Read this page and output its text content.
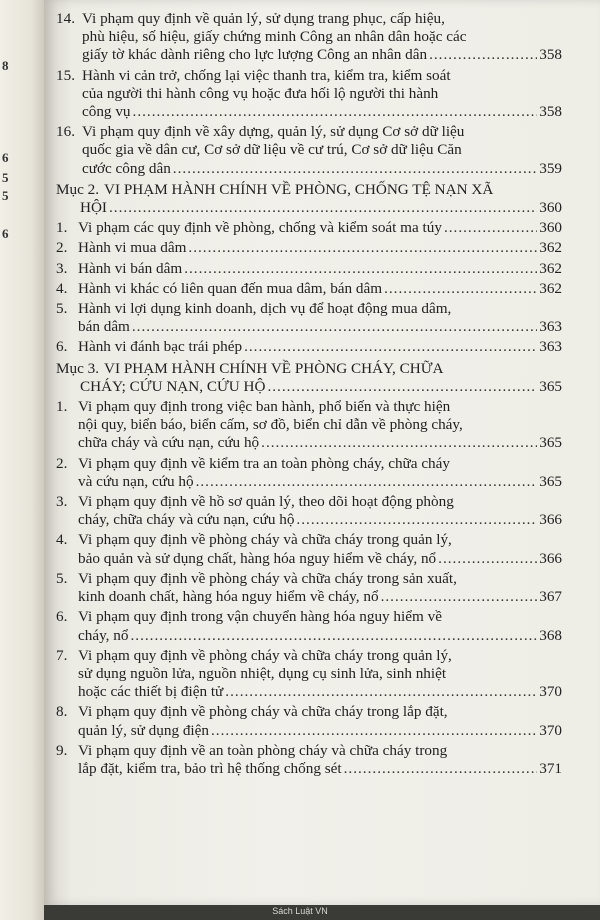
8
6
5
5
6
14. Vi phạm quy định về quản lý, sử dụng trang phục, cấp hiệu,
phù hiệu, số hiệu, giấy chứng minh Công an nhân dân hoặc các
giấy tờ khác dành riêng cho lực lượng Công an nhân dân .....	358
15. Hành vi cản trở, chống lại việc thanh tra, kiểm tra, kiểm soát
của người thi hành công vụ hoặc đưa hối lộ người thi hành
công vụ .....	358
16. Vi phạm quy định về xây dựng, quản lý, sử dụng Cơ sở dữ liệu
quốc gia về dân cư, Cơ sở dữ liệu về cư trú, Cơ sở dữ liệu Căn
cước công dân .....	359
Mục 2. VI PHẠM HÀNH CHÍNH VỀ PHÒNG, CHỐNG TỆ NẠN XÃ
HỘI .....	360
1. Vi phạm các quy định về phòng, chống và kiểm soát ma túy .....	360
2. Hành vi mua dâm .....	362
3. Hành vi bán dâm .....	362
4. Hành vi khác có liên quan đến mua dâm, bán dâm .....	362
5. Hành vi lợi dụng kinh doanh, dịch vụ để hoạt động mua dâm,
bán dâm .....	363
6. Hành vi đánh bạc trái phép .....	363
Mục 3. VI PHẠM HÀNH CHÍNH VỀ PHÒNG CHÁY, CHỮA
CHÁY; CỨU NẠN, CỨU HỘ .....	365
1. Vi phạm quy định trong việc ban hành, phổ biến và thực hiện
nội quy, biển báo, biển cấm, sơ đồ, biển chỉ dẫn về phòng cháy,
chữa cháy và cứu nạn, cứu hộ .....	365
2. Vi phạm quy định về kiểm tra an toàn phòng cháy, chữa cháy
và cứu nạn, cứu hộ .....	365
3. Vi phạm quy định về hồ sơ quản lý, theo dõi hoạt động phòng
cháy, chữa cháy và cứu nạn, cứu hộ .....	366
4. Vi phạm quy định về phòng cháy và chữa cháy trong quản lý,
bảo quản và sử dụng chất, hàng hóa nguy hiểm về cháy, nổ .....	366
5. Vi phạm quy định về phòng cháy và chữa cháy trong sản xuất,
kinh doanh chất, hàng hóa nguy hiểm về cháy, nổ .....	367
6. Vi phạm quy định trong vận chuyển hàng hóa nguy hiểm về
cháy, nổ .....	368
7. Vi phạm quy định về phòng cháy và chữa cháy trong quản lý,
sử dụng nguồn lửa, nguồn nhiệt, dụng cụ sinh lửa, sinh nhiệt
hoặc các thiết bị điện tử .....	370
8. Vi phạm quy định về phòng cháy và chữa cháy trong lắp đặt,
quản lý, sử dụng điện .....	370
9. Vi phạm quy định về an toàn phòng cháy và chữa cháy trong
lắp đặt, kiểm tra, bảo trì hệ thống chống sét .....	371
Sách Luật VN
